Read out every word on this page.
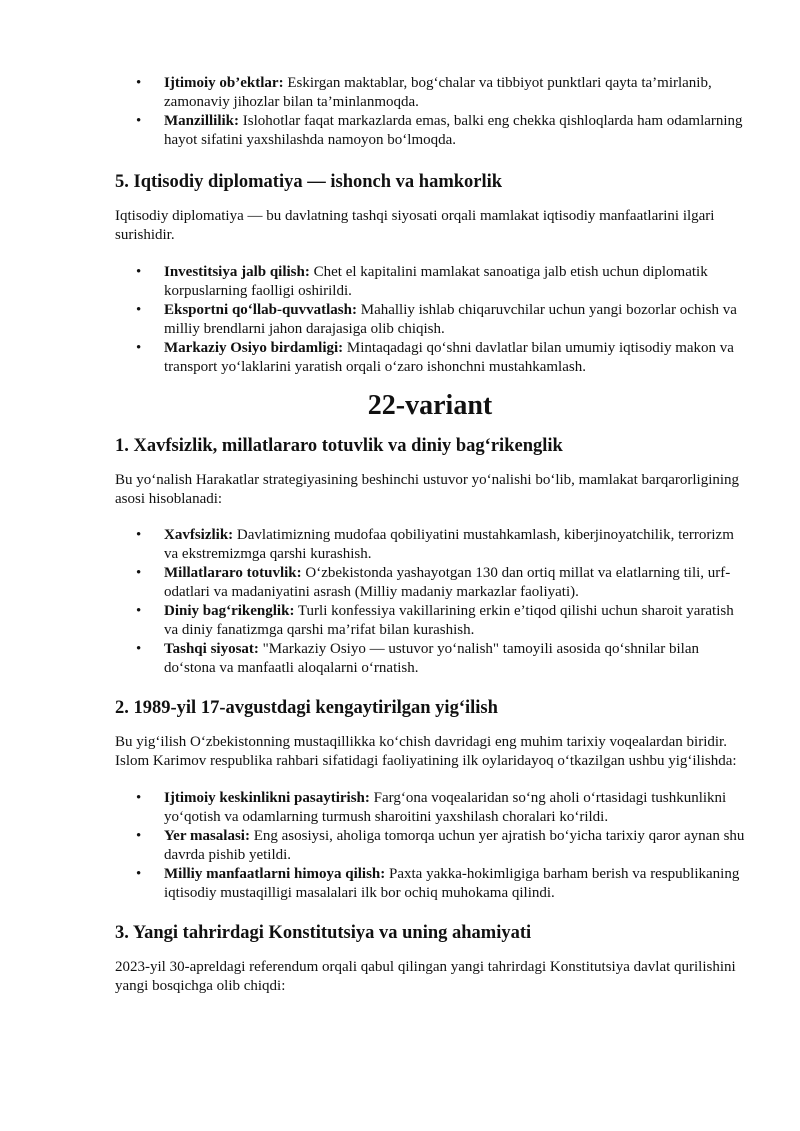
• Ijtimoiy ob’ektlar: Eskirgan maktablar, bog‘chalar va tibbiyot punktlari qayta ta’mirlanib, zamonaviy jihozlar bilan ta’minlanmoqda.
• Manzillilik: Islohotlar faqat markazlarda emas, balki eng chekka qishloqlarda ham odamlarning hayot sifatini yaxshilashda namoyon bo‘lmoqda.
5. Iqtisodiy diplomatiya — ishonch va hamkorlik

Iqtisodiy diplomatiya — bu davlatning tashqi siyosati orqali mamlakat iqtisodiy manfaatlarini ilgari surishidir.

• Investitsiya jalb qilish: Chet el kapitalini mamlakat sanoatiga jalb etish uchun diplomatik korpuslarning faolligi oshirildi.
• Eksportni qo‘llab-quvvatlash: Mahalliy ishlab chiqaruvchilar uchun yangi bozorlar ochish va milliy brendlarni jahon darajasiga olib chiqish.
• Markaziy Osiyo birdamligi: Mintaqadagi qo‘shni davlatlar bilan umumiy iqtisodiy makon va transport yo‘laklarini yaratish orqali o‘zaro ishonchni mustahkamlash.
22-variant
1. Xavfsizlik, millatlararo totuvlik va diniy bag‘rikenglik

Bu yo‘nalish Harakatlar strategiyasining beshinchi ustuvor yo‘nalishi bo‘lib, mamlakat barqarorligining asosi hisoblanadi:

• Xavfsizlik: Davlatimizning mudofaa qobiliyatini mustahkamlash, kiberjinoyatchilik, terrorizm va ekstremizmga qarshi kurashish.
• Millatlararo totuvlik: O‘zbekistonda yashayotgan 130 dan ortiq millat va elatlarning tili, urf-odatlari va madaniyatini asrash (Milliy madaniy markazlar faoliyati).
• Diniy bag‘rikenglik: Turli konfessiya vakillarining erkin e’tiqod qilishi uchun sharoit yaratish va diniy fanatizmga qarshi ma’rifat bilan kurashish.
• Tashqi siyosat: "Markaziy Osiyo — ustuvor yo‘nalish" tamoyili asosida qo‘shnilar bilan do‘stona va manfaatli aloqalarni o‘rnatish.
2. 1989-yil 17-avgustdagi kengaytirilgan yig‘ilish

Bu yig‘ilish O‘zbekistonning mustaqillikka ko‘chish davridagi eng muhim tarixiy voqealardan biridir. Islom Karimov respublika rahbari sifatidagi faoliyatining ilk oylaridayoq o‘tkazilgan ushbu yig‘ilishda:

• Ijtimoiy keskinlikni pasaytirish: Farg‘ona voqealaridan so‘ng aholi o‘rtasidagi tushkunlikni yo‘qotish va odamlarning turmush sharoitini yaxshilash choralari ko‘rildi.
• Yer masalasi: Eng asosiysi, aholiga tomorqa uchun yer ajratish bo‘yicha tarixiy qaror aynan shu davrda pishib yetildi.
• Milliy manfaatlarni himoya qilish: Paxta yakka-hokimligiga barham berish va respublikaning iqtisodiy mustaqilligi masalalari ilk bor ochiq muhokama qilindi.
3. Yangi tahrirdagi Konstitutsiya va uning ahamiyati

2023-yil 30-apreldagi referendum orqali qabul qilingan yangi tahrirdagi Konstitutsiya davlat qurilishini yangi bosqichga olib chiqdi:
